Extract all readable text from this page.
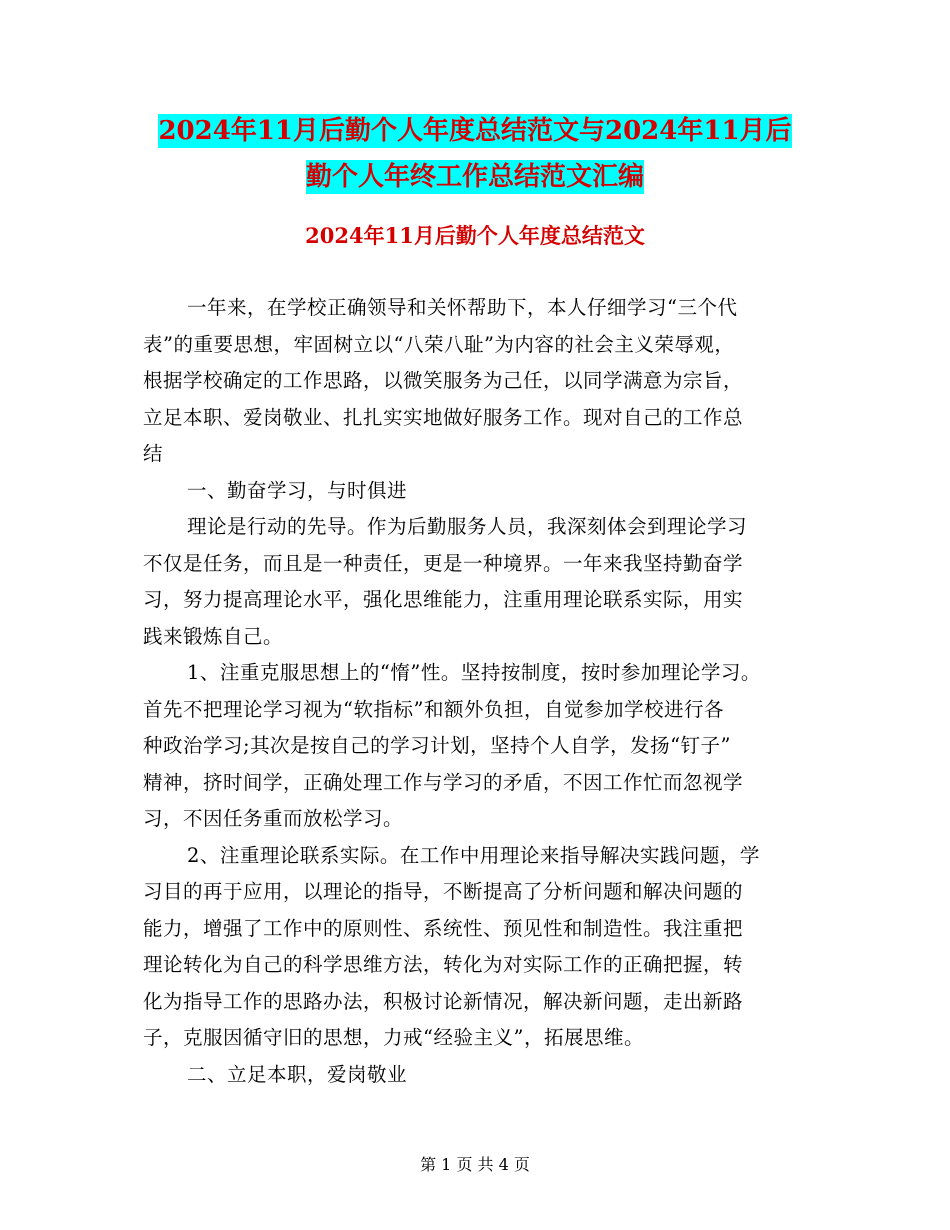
2024年11月后勤个人年度总结范文与2024年11月后
勤个人年终工作总结范文汇编
2024年11月后勤个人年度总结范文
一年来，在学校正确领导和关怀帮助下，本人仔细学习“三个代
表”的重要思想，牢固树立以“八荣八耻”为内容的社会主义荣辱观，
根据学校确定的工作思路，以微笑服务为己任，以同学满意为宗旨，
立足本职、爱岗敬业、扎扎实实地做好服务工作。现对自己的工作总
结
一、勤奋学习，与时俱进
理论是行动的先导。作为后勤服务人员，我深刻体会到理论学习
不仅是任务，而且是一种责任，更是一种境界。一年来我坚持勤奋学
习，努力提高理论水平，强化思维能力，注重用理论联系实际，用实
践来锻炼自己。
1、注重克服思想上的“惰”性。坚持按制度，按时参加理论学习。
首先不把理论学习视为“软指标”和额外负担，自觉参加学校进行各
种政治学习;其次是按自己的学习计划，坚持个人自学，发扬“钉子”
精神，挤时间学，正确处理工作与学习的矛盾，不因工作忙而忽视学
习，不因任务重而放松学习。
2、注重理论联系实际。在工作中用理论来指导解决实践问题，学
习目的再于应用，以理论的指导，不断提高了分析问题和解决问题的
能力，增强了工作中的原则性、系统性、预见性和制造性。我注重把
理论转化为自己的科学思维方法，转化为对实际工作的正确把握，转
化为指导工作的思路办法，积极讨论新情况，解决新问题，走出新路
子，克服因循守旧的思想，力戒“经验主义”，拓展思维。
二、立足本职，爱岗敬业
第 1 页 共 4 页
